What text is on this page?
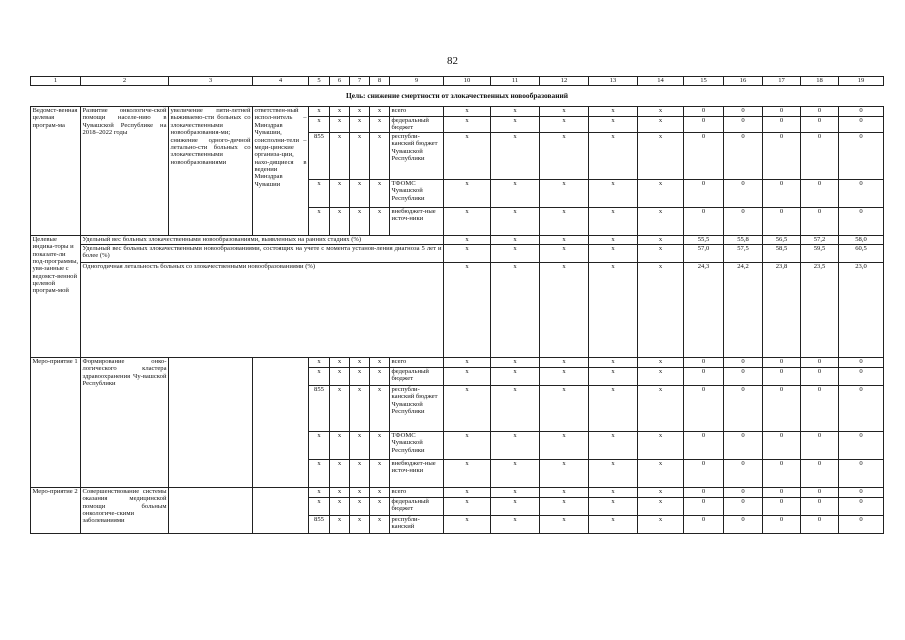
82
1	2	3	4	5	6	7	8	9	10	11	12	13	14	15	16	17	18	19
Цель: снижение смертности от злокачественных новообразований																		
Ведомст-венная целевая програм-ма	Развитие онкологиче-ской помощи населе-нию в Чувашской Республике на 2018–2022 годы	увеличение пяти-летней выживаемо-сти больных со злокачественными новообразования-ми; снижение одного-дичной летально-сти больных со злокачественными новообразованиями	ответствен-ный испол-нитель – Минздрав Чувашии, соисполни-тели – меди-цинские организа-ции, нахо-дящиеся в ведении Минздрав Чувашии	x	x	x	x	всего	x	x	x	x	x	0	0	0	0	0
				x	x	x	x	федеральный бюджет	x	x	x	x	x	0	0	0	0	0
				855	x	x	x	республи-канский бюджет Чувашской Республики	x	x	x	x	x	0	0	0	0	0
				x	x	x	x	ТФОМС Чувашской Республики	x	x	x	x	x	0	0	0	0	0
				x	x	x	x	внебюджет-ные источ-ники	x	x	x	x	x	0	0	0	0	0
Целевые индика-торы и показате-ли под-программы, увя-занные с ведомст-венной целевой програм-мой	Удельный вес больных злокачественными новообразованиями, выявленных на ранних стадиях (%)								x	x	x	x	x	55,5	55,8	56,5	57,2	58,0
	Удельный вес больных злокачественными новообразованиями, состоящих на учете с момента установ-ления диагноза 5 лет и более (%)								x	x	x	x	x	57,0	57,5	58,5	59,5	60,5
	Одногодичная летальность больных со злокачественными новообразованиями (%)								x	x	x	x	x	24,3	24,2	23,8	23,5	23,0
Меро-приятие 1	Формирование онко-логического кластера здравоохранения Чу-вашской Республики			x	x	x	x	всего	x	x	x	x	x	0	0	0	0	0
				x	x	x	x	федеральный бюджет	x	x	x	x	x	0	0	0	0	0
				855	x	x	x	республи-канский бюджет Чувашской Республики	x	x	x	x	x	0	0	0	0	0
				x	x	x	x	ТФОМС Чувашской Республики	x	x	x	x	x	0	0	0	0	0
				x	x	x	x	внебюджет-ные источ-ники	x	x	x	x	x	0	0	0	0	0
Меро-приятие 2	Совершенствование системы оказания медицинской помощи больным онкологиче-скими заболеваниями			x	x	x	x	всего	x	x	x	x	x	0	0	0	0	0
				x	x	x	x	федеральный бюджет	x	x	x	x	x	0	0	0	0	0
				855	x	x	x	республи-канский	x	x	x	x	x	0	0	0	0	0
